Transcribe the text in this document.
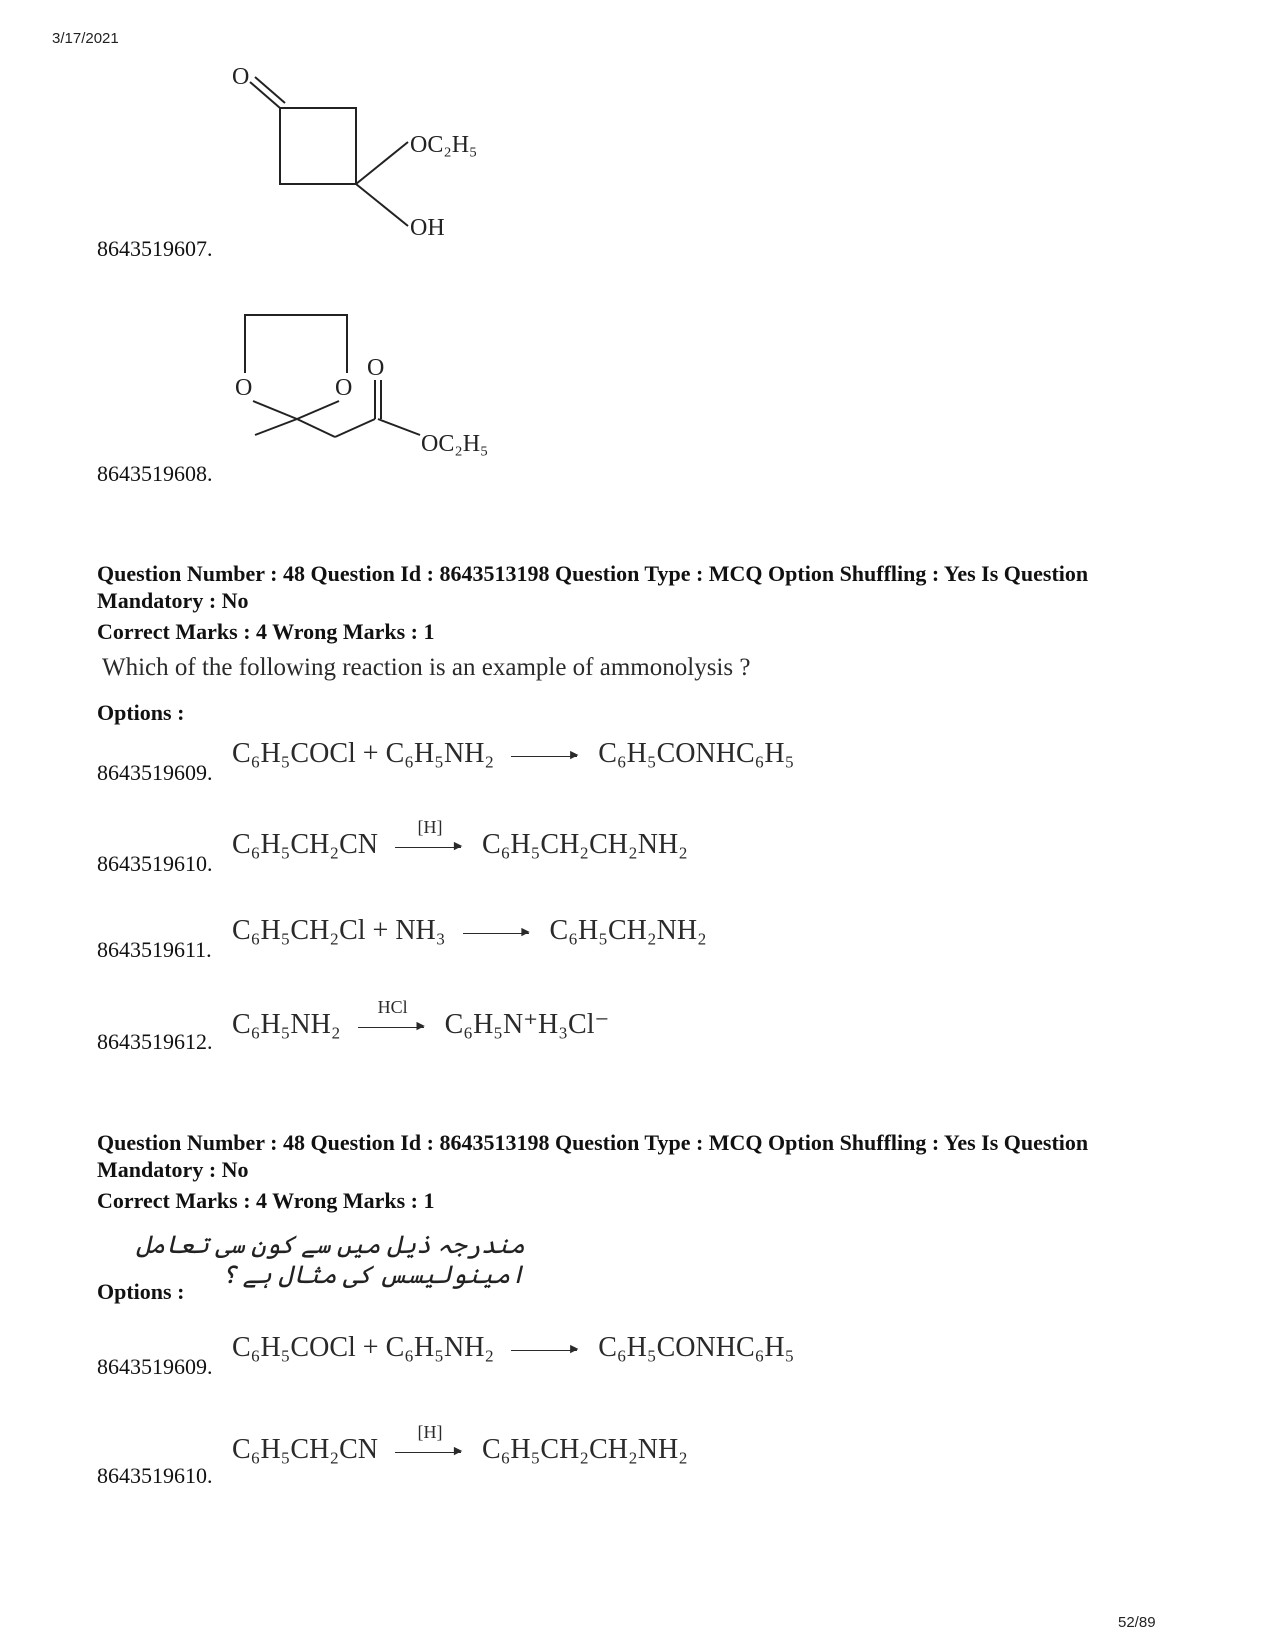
3/17/2021
O
OC₂H₅
OH
8643519607.
O	O
O
OC₂H₅
8643519608.
Question Number : 48 Question Id : 8643513198 Question Type : MCQ Option Shuffling : Yes Is Question Mandatory : No
Correct Marks : 4 Wrong Marks : 1
Which of the following reaction is an example of ammonolysis ?
Options :
8643519609.
C₆H₅COCl + C₆H₅NH₂	► C₆H₅CONHC₆H₅
8643519610.
C₆H₅CH₂CN
[H]
► C₆H₅CH₂CH₂NH₂
8643519611.
C₆H₅CH₂Cl + NH₃	► C₆H₅CH₂NH₂
8643519612.
C₆H₅NH₂
HCl
► C₆H₅N⁺H₃Cl⁻
Question Number : 48 Question Id : 8643513198 Question Type : MCQ Option Shuffling : Yes Is Question Mandatory : No
Correct Marks : 4 Wrong Marks : 1
مندرجہ ذیل میں سے کون سی تعامل امینولیسس کی مثال ہے ؟
Options :
8643519609.
C₆H₅COCl + C₆H₅NH₂	► C₆H₅CONHC₆H₅
8643519610.
C₆H₅CH₂CN
[H]
► C₆H₅CH₂CH₂NH₂
52/89
